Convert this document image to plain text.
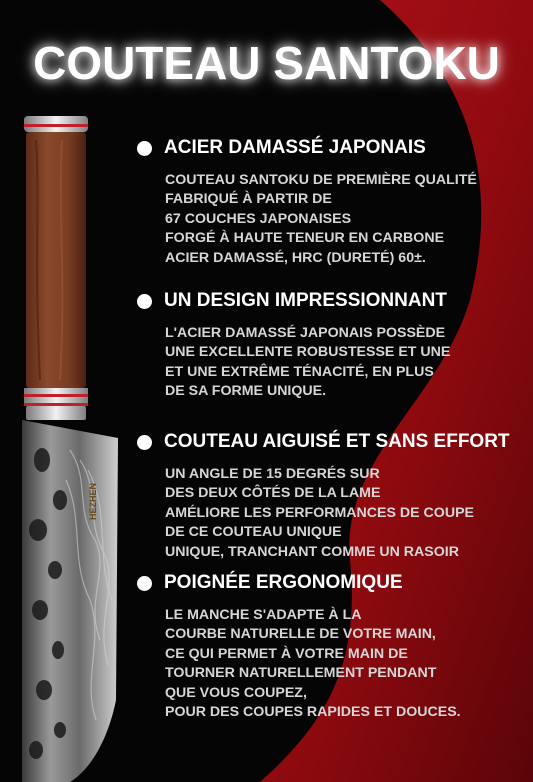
HEZHEN
COUTEAU SANTOKU
ACIER DAMASSÉ JAPONAIS
COUTEAU SANTOKU DE PREMIÈRE QUALITÉ
FABRIQUÉ À PARTIR DE
67 COUCHES JAPONAISES
FORGÉ À HAUTE TENEUR EN CARBONE
ACIER DAMASSÉ, HRC (DURETÉ) 60±.
UN DESIGN IMPRESSIONNANT
L'ACIER DAMASSÉ JAPONAIS POSSÈDE
UNE EXCELLENTE ROBUSTESSE ET UNE
ET UNE EXTRÊME TÉNACITÉ, EN PLUS
DE SA FORME UNIQUE.
COUTEAU AIGUISÉ ET SANS EFFORT
UN ANGLE DE 15 DEGRÉS SUR
DES DEUX CÔTÉS DE LA LAME
AMÉLIORE LES PERFORMANCES DE COUPE
DE CE COUTEAU UNIQUE
UNIQUE, TRANCHANT COMME UN RASOIR
POIGNÉE ERGONOMIQUE
LE MANCHE S'ADAPTE À LA
COURBE NATURELLE DE VOTRE MAIN,
CE QUI PERMET À VOTRE MAIN DE
TOURNER NATURELLEMENT PENDANT
QUE VOUS COUPEZ,
POUR DES COUPES RAPIDES ET DOUCES.
